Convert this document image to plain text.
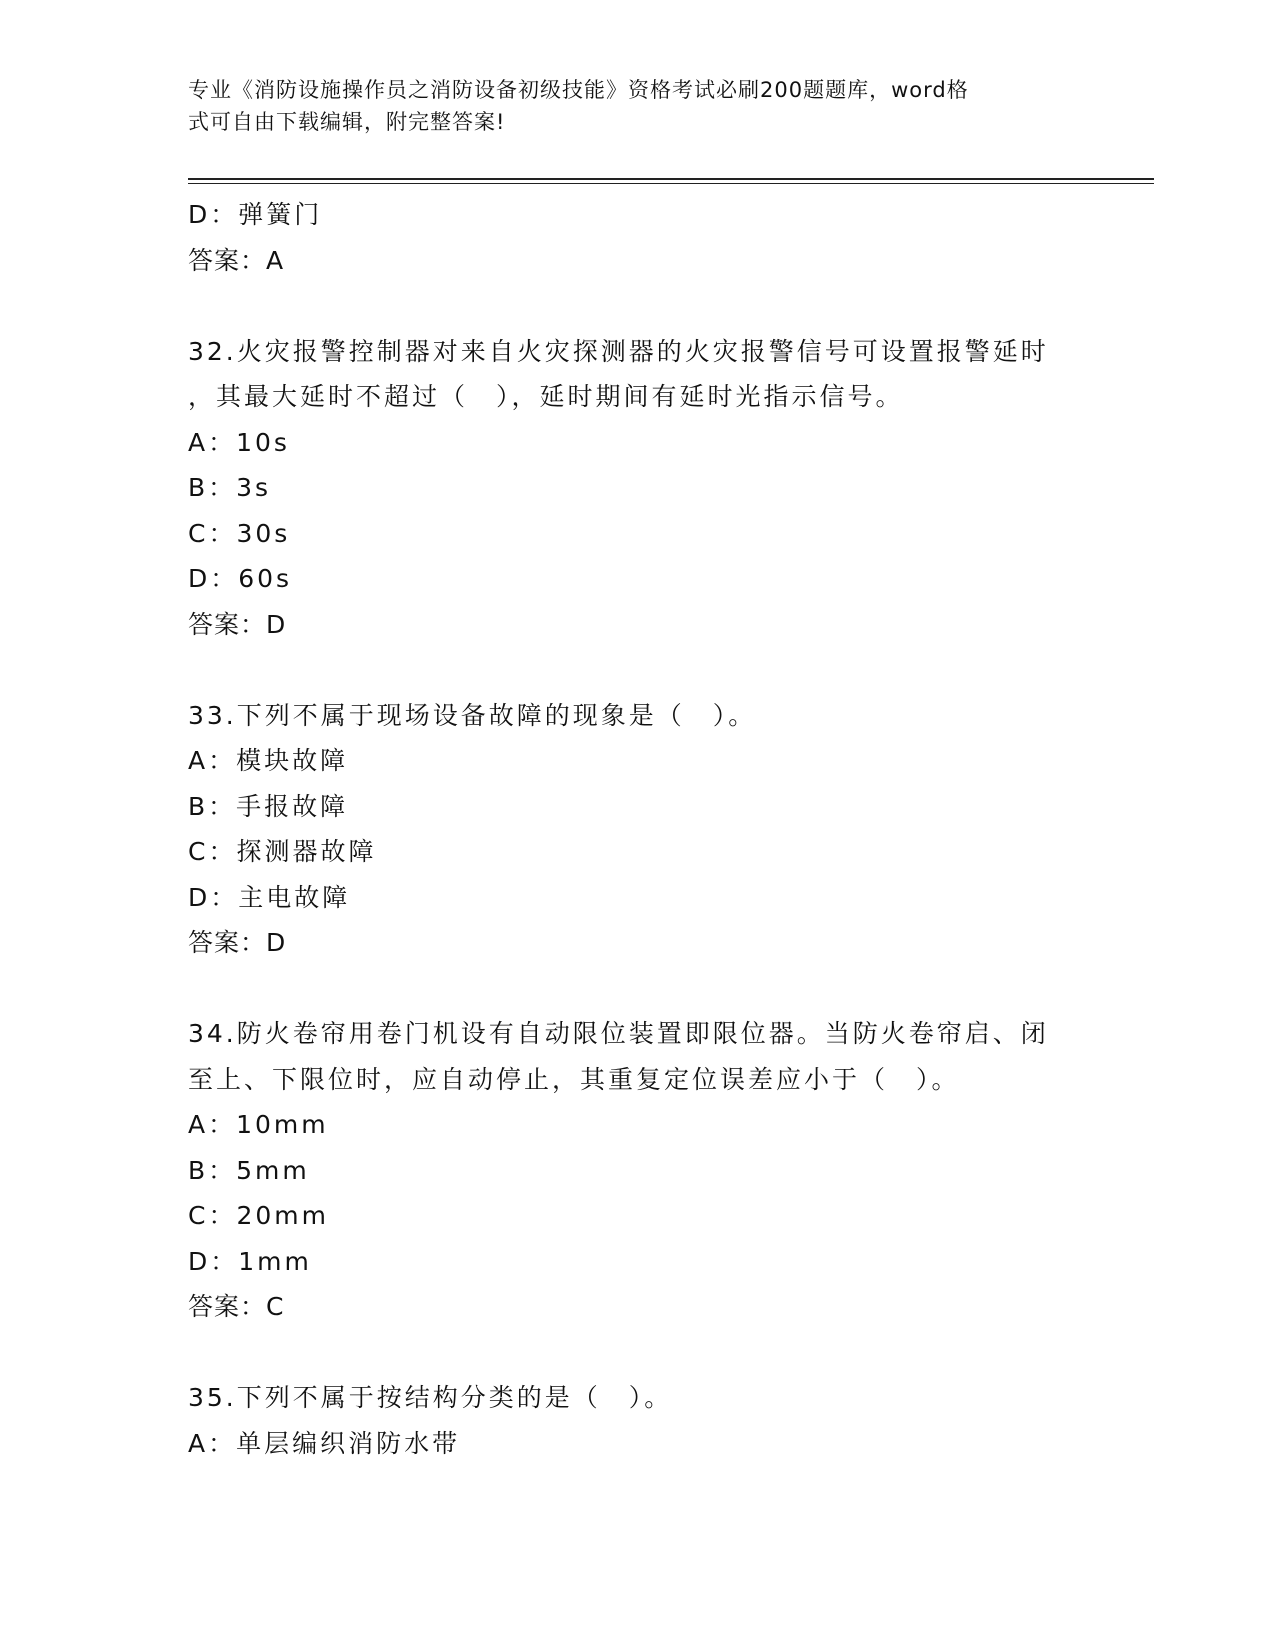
专业《消防设施操作员之消防设备初级技能》资格考试必刷200题题库，word格
式可自由下载编辑，附完整答案!
D：弹簧门
答案：A
32.火灾报警控制器对来自火灾探测器的火灾报警信号可设置报警延时
，其最大延时不超过（　），延时期间有延时光指示信号。
A：10s
B：3s
C：30s
D：60s
答案：D
33.下列不属于现场设备故障的现象是（　）。
A：模块故障
B：手报故障
C：探测器故障
D：主电故障
答案：D
34.防火卷帘用卷门机设有自动限位装置即限位器。当防火卷帘启、闭
至上、下限位时，应自动停止，其重复定位误差应小于（　）。
A：10mm
B：5mm
C：20mm
D：1mm
答案：C
35.下列不属于按结构分类的是（　）。
A：单层编织消防水带
